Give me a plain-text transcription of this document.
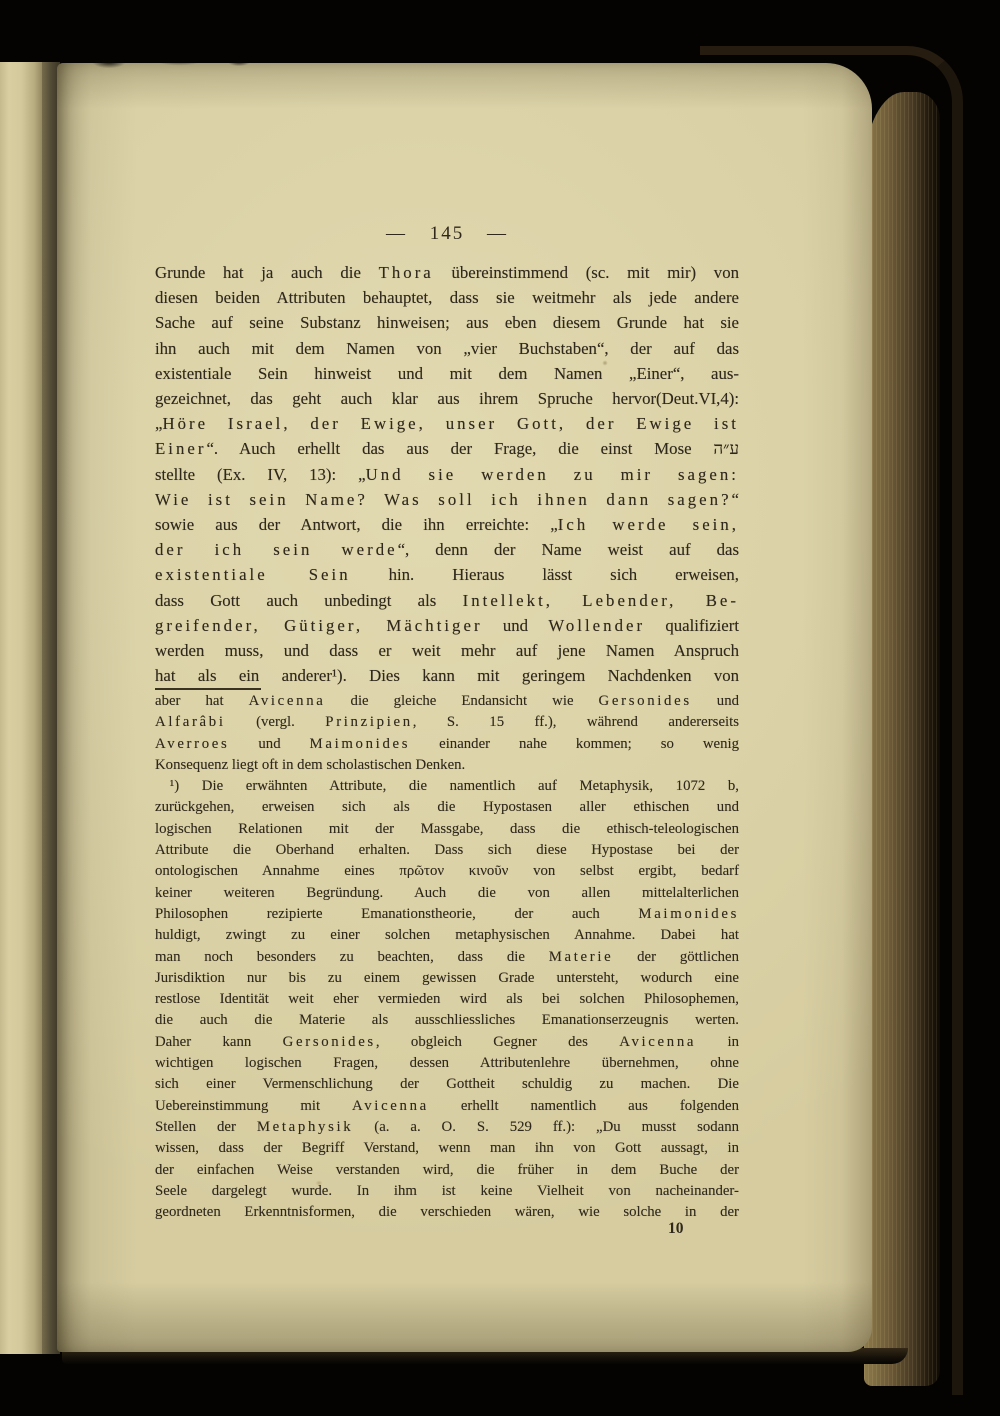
— 145 —
Grunde hat ja auch die Thora übereinstimmend (sc. mit mir) von
diesen beiden Attributen behauptet, dass sie weitmehr als jede andere
Sache auf seine Substanz hinweisen; aus eben diesem Grunde hat sie
ihn auch mit dem Namen von „vier Buchstaben“, der auf das
existentiale Sein hinweist und mit dem Namen „Einer“, aus-
gezeichnet, das geht auch klar aus ihrem Spruche hervor(Deut.VI,4):
„Höre Israel, der Ewige, unser Gott, der Ewige ist
Einer“. Auch erhellt das aus der Frage, die einst Mose ע״ה
stellte (Ex. IV, 13): „Und sie werden zu mir sagen:
Wie ist sein Name? Was soll ich ihnen dann sagen?“
sowie aus der Antwort, die ihn erreichte: „Ich werde sein,
der ich sein werde“, denn der Name weist auf das
existentiale Sein hin. Hieraus lässt sich erweisen,
dass Gott auch unbedingt als Intellekt, Lebender, Be-
greifender, Gütiger, Mächtiger und Wollender qualifiziert
werden muss, und dass er weit mehr auf jene Namen Anspruch
hat als ein anderer¹). Dies kann mit geringem Nachdenken von
aber hat Avicenna die gleiche Endansicht wie Gersonides und
Alfarâbi (vergl. Prinzipien, S. 15 ff.), während andererseits
Averroes und Maimonides einander nahe kommen; so wenig
Konsequenz liegt oft in dem scholastischen Denken.
 ¹) Die erwähnten Attribute, die namentlich auf Metaphysik, 1072 b,
zurückgehen, erweisen sich als die Hypostasen aller ethischen und
logischen Relationen mit der Massgabe, dass die ethisch-teleologischen
Attribute die Oberhand erhalten. Dass sich diese Hypostase bei der
ontologischen Annahme eines πρῶτον κινοῦν von selbst ergibt, bedarf
keiner weiteren Begründung. Auch die von allen mittelalterlichen
Philosophen rezipierte Emanationstheorie, der auch Maimonides
huldigt, zwingt zu einer solchen metaphysischen Annahme. Dabei hat
man noch besonders zu beachten, dass die Materie der göttlichen
Jurisdiktion nur bis zu einem gewissen Grade untersteht, wodurch eine
restlose Identität weit eher vermieden wird als bei solchen Philosophemen,
die auch die Materie als ausschliessliches Emanationserzeugnis werten.
Daher kann Gersonides, obgleich Gegner des Avicenna in
wichtigen logischen Fragen, dessen Attributenlehre übernehmen, ohne
sich einer Vermenschlichung der Gottheit schuldig zu machen. Die
Uebereinstimmung mit Avicenna erhellt namentlich aus folgenden
Stellen der Metaphysik (a. a. O. S. 529 ff.): „Du musst sodann
wissen, dass der Begriff Verstand, wenn man ihn von Gott aussagt, in
der einfachen Weise verstanden wird, die früher in dem Buche der
Seele dargelegt wurde. In ihm ist keine Vielheit von nacheinander-
geordneten Erkenntnisformen, die verschieden wären, wie solche in der
10
